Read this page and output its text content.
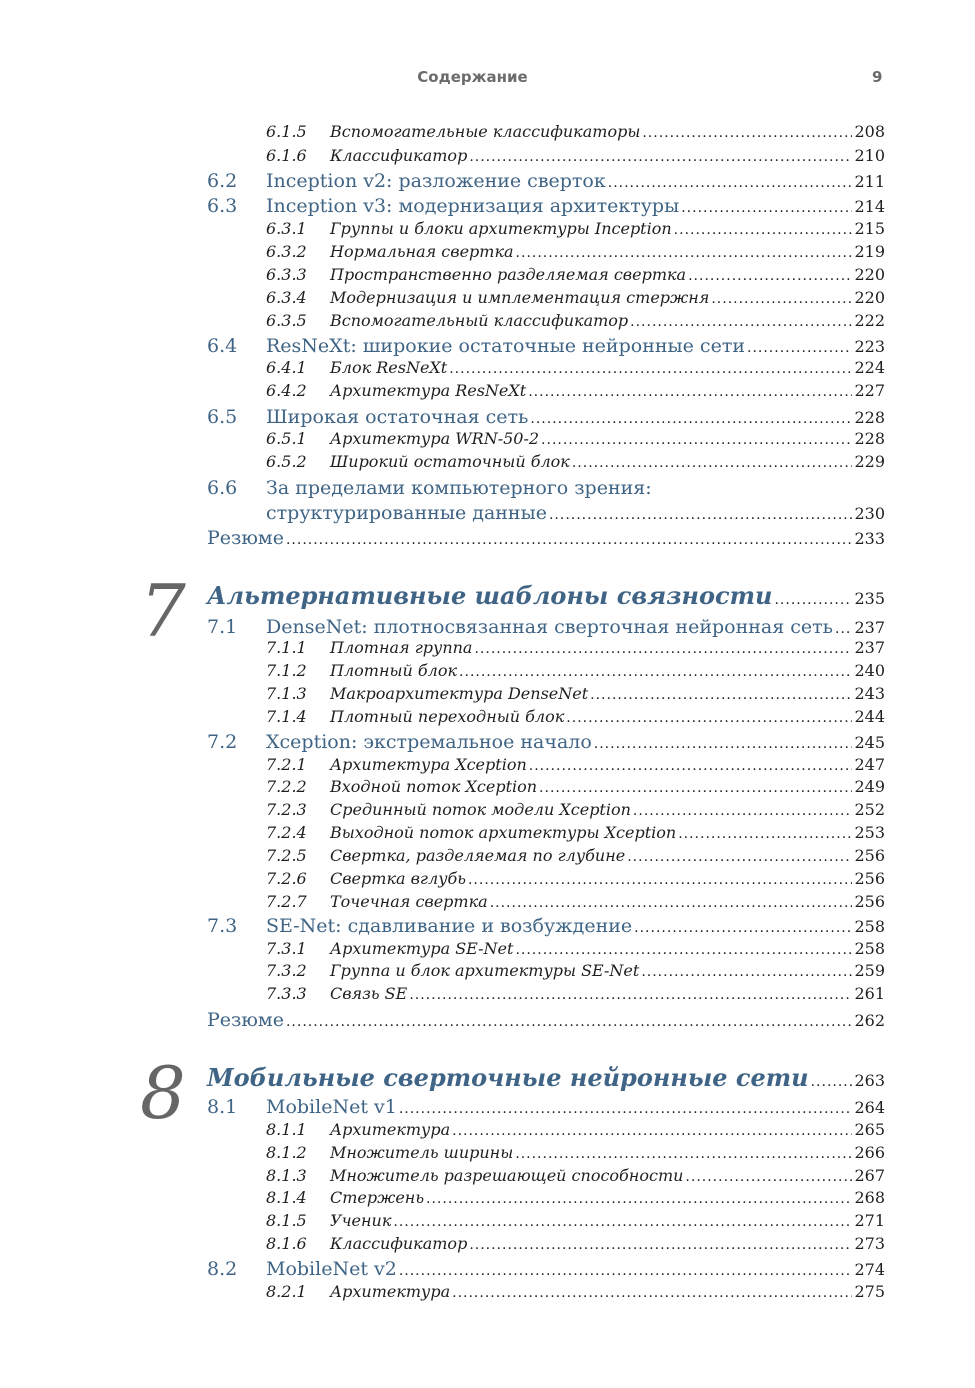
Содержание	9
6.1.5	Вспомогательные классификаторы .....	208
6.1.6	Классификатор .....	210
6.2	Inception v2: разложение сверток .....	211
6.3	Inception v3: модернизация архитектуры .....	214
6.3.1	Группы и блоки архитектуры Inception .....	215
6.3.2	Нормальная свертка .....	219
6.3.3	Пространственно разделяемая свертка .....	220
6.3.4	Модернизация и имплементация стержня .....	220
6.3.5	Вспомогательный классификатор .....	222
6.4	ResNeXt: широкие остаточные нейронные сети .....	223
6.4.1	Блок ResNeXt .....	224
6.4.2	Архитектура ResNeXt .....	227
6.5	Широкая остаточная сеть .....	228
6.5.1	Архитектура WRN-50-2 .....	228
6.5.2	Широкий остаточный блок .....	229
6.6	За пределами компьютерного зрения:
структурированные данные .....	230
Резюме .....	233
7 Альтернативные шаблоны связности .....	235
7.1	DenseNet: плотносвязанная сверточная нейронная сеть ..... 237
7.1.1	Плотная группа .....	237
7.1.2	Плотный блок .....	240
7.1.3	Макроархитектура DenseNet .....	243
7.1.4	Плотный переходный блок .....	244
7.2	Xception: экстремальное начало .....	245
7.2.1	Архитектура Xception .....	247
7.2.2	Входной поток Xception .....	249
7.2.3	Срединный поток модели Xception .....	252
7.2.4	Выходной поток архитектуры Xception .....	253
7.2.5	Свертка, разделяемая по глубине .....	256
7.2.6	Свертка вглубь .....	256
7.2.7	Точечная свертка .....	256
7.3	SE-Net: сдавливание и возбуждение .....	258
7.3.1	Архитектура SE-Net .....	258
7.3.2	Группа и блок архитектуры SE-Net .....	259
7.3.3	Связь SE .....	261
Резюме .....	262
8 Мобильные сверточные нейронные сети .....	263
8.1	MobileNet v1 .....	264
8.1.1	Архитектура .....	265
8.1.2	Множитель ширины .....	266
8.1.3	Множитель разрешающей способности .....	267
8.1.4	Стержень .....	268
8.1.5	Ученик .....	271
8.1.6	Классификатор .....	273
8.2	MobileNet v2 .....	274
8.2.1	Архитектура .....	275
